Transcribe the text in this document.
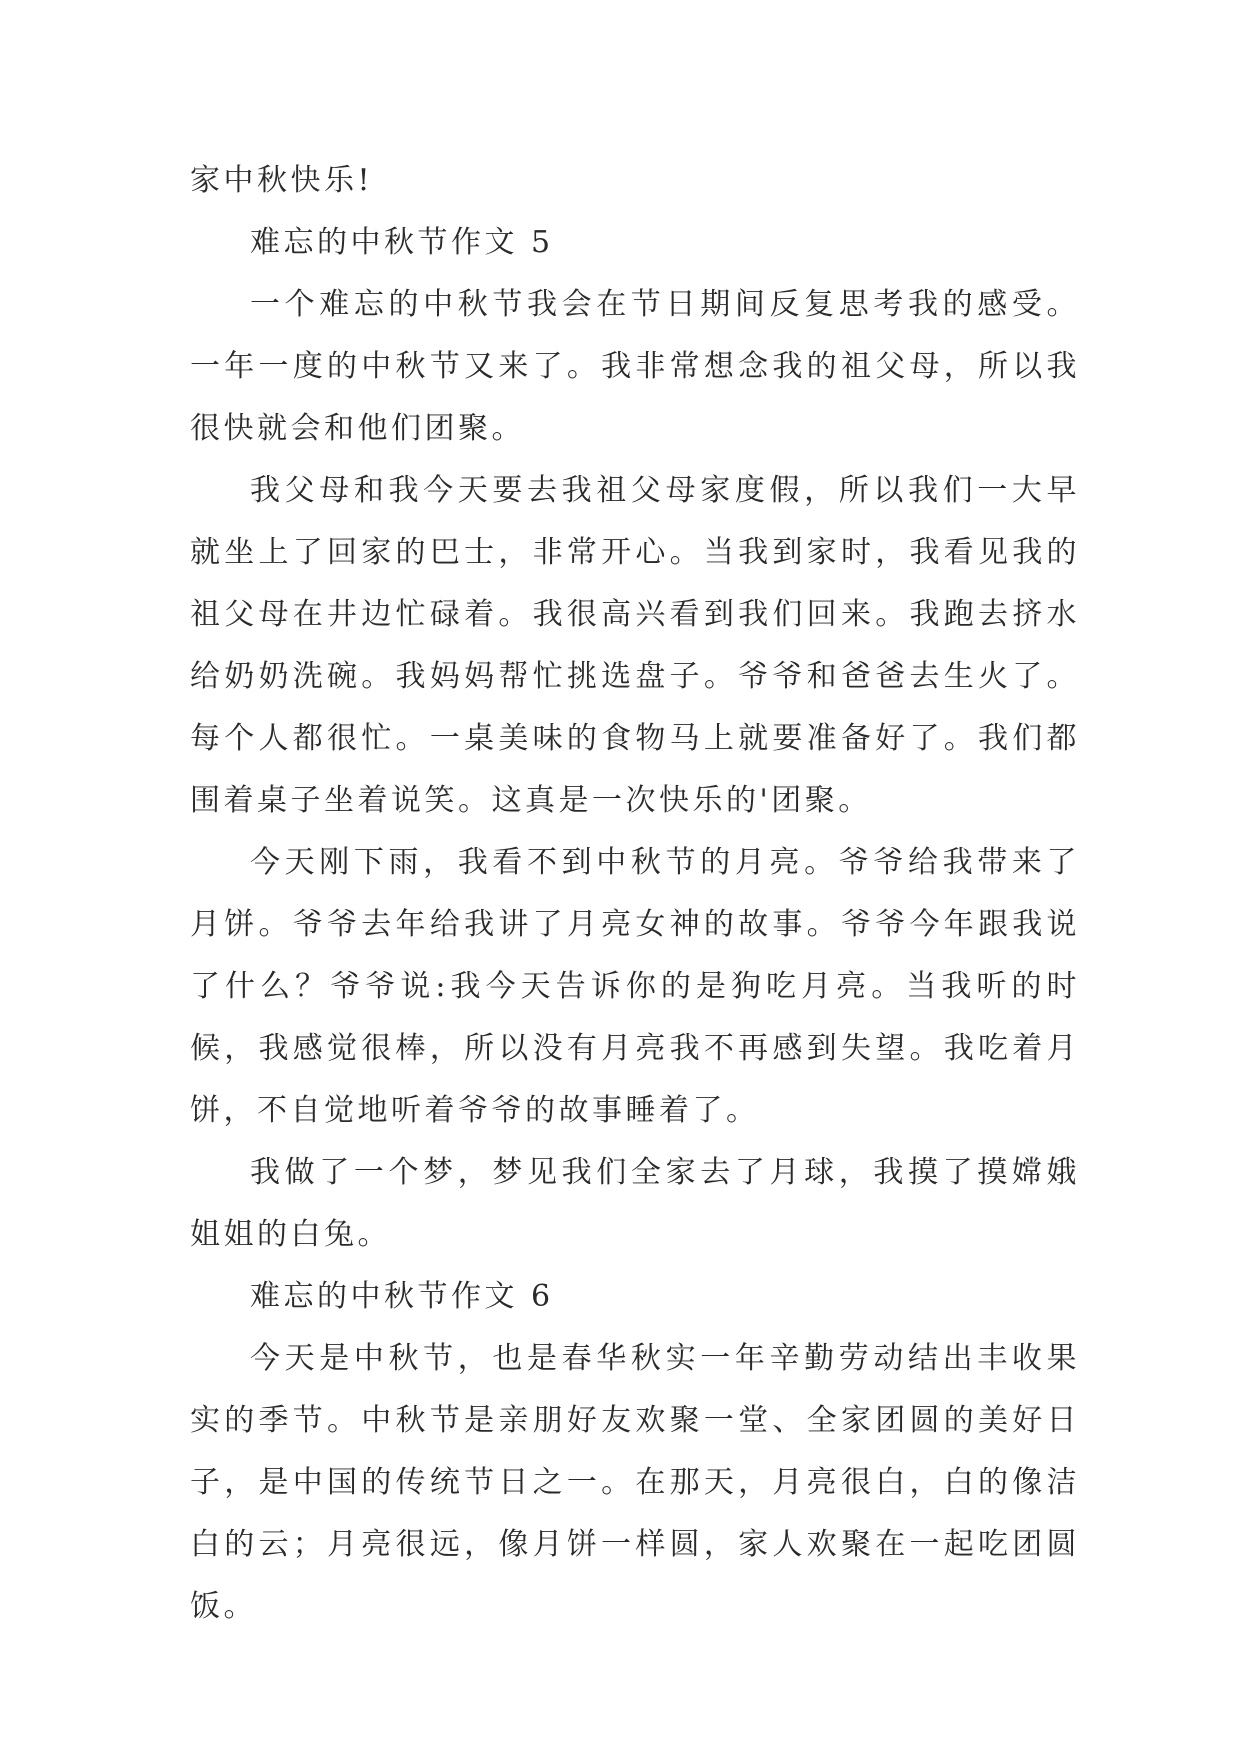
家中秋快乐!

难忘的中秋节作文 5

一个难忘的中秋节我会在节日期间反复思考我的感受。一年一度的中秋节又来了。我非常想念我的祖父母，所以我很快就会和他们团聚。

我父母和我今天要去我祖父母家度假，所以我们一大早就坐上了回家的巴士，非常开心。当我到家时，我看见我的祖父母在井边忙碌着。我很高兴看到我们回来。我跑去挤水给奶奶洗碗。我妈妈帮忙挑选盘子。爷爷和爸爸去生火了。每个人都很忙。一桌美味的食物马上就要准备好了。我们都围着桌子坐着说笑。这真是一次快乐的'团聚。

今天刚下雨，我看不到中秋节的月亮。爷爷给我带来了月饼。爷爷去年给我讲了月亮女神的故事。爷爷今年跟我说了什么？爷爷说:我今天告诉你的是狗吃月亮。当我听的时候，我感觉很棒，所以没有月亮我不再感到失望。我吃着月饼，不自觉地听着爷爷的故事睡着了。

我做了一个梦，梦见我们全家去了月球，我摸了摸嫦娥姐姐的白兔。

难忘的中秋节作文 6

今天是中秋节，也是春华秋实一年辛勤劳动结出丰收果实的季节。中秋节是亲朋好友欢聚一堂、全家团圆的美好日子，是中国的传统节日之一。在那天，月亮很白，白的像洁白的云；月亮很远，像月饼一样圆，家人欢聚在一起吃团圆饭。
